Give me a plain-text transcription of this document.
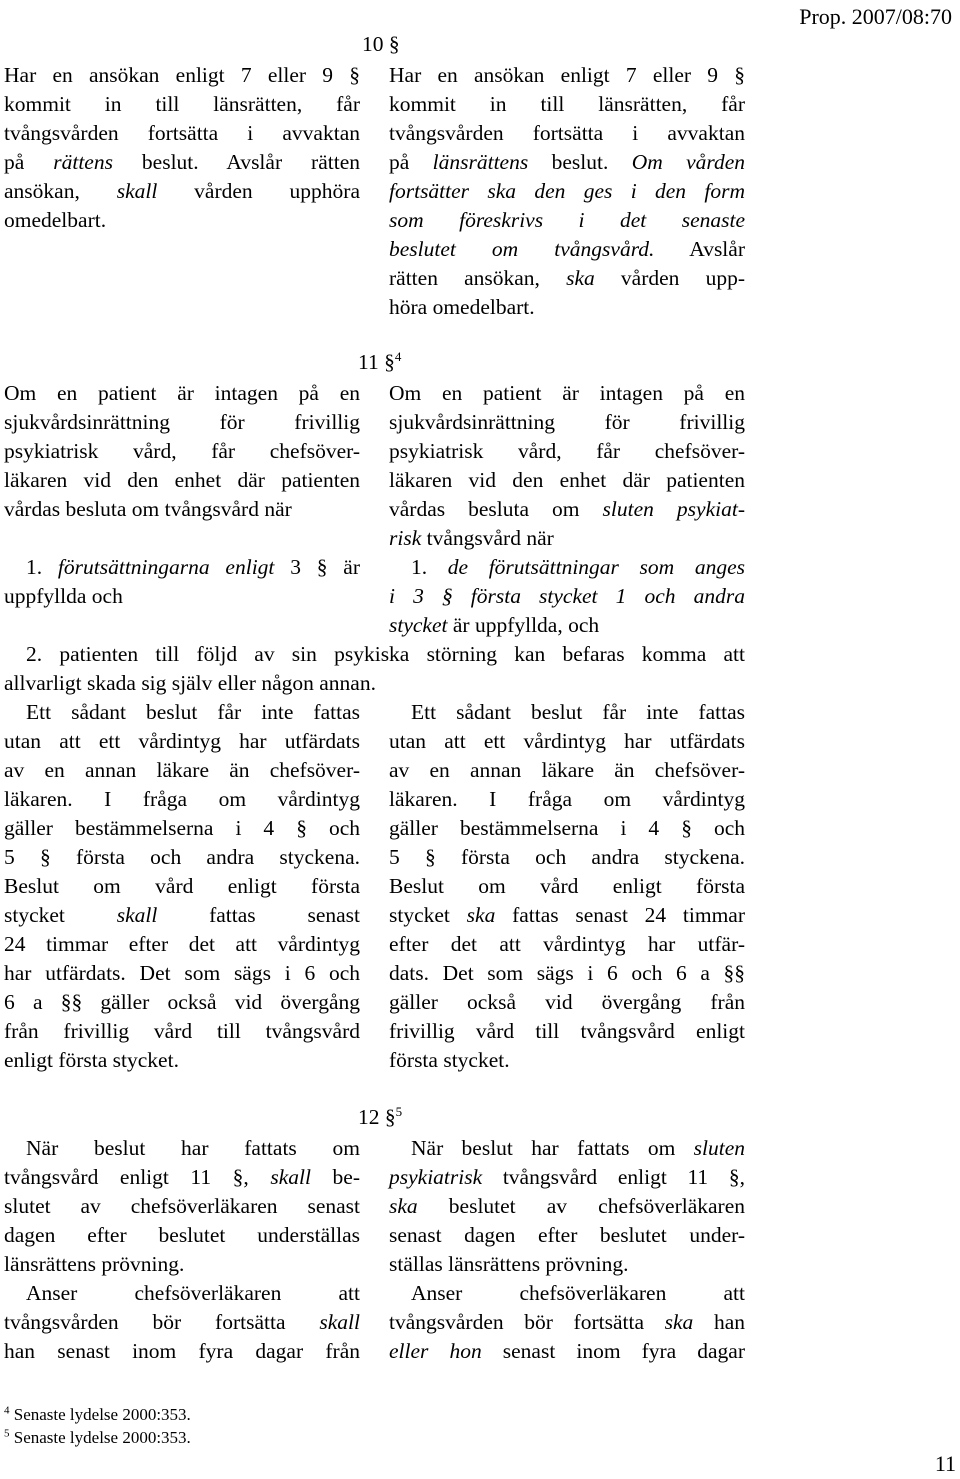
Prop. 2007/08:70
10 §

Har en ansökan enligt 7 eller 9 §

kommit in till länsrätten, får

tvångsvården fortsätta i avvaktan

på rättens beslut. Avslår rätten

ansökan, skall vården upphöra

omedelbart.

Har en ansökan enligt 7 eller 9 §

kommit in till länsrätten, får

tvångsvården fortsätta i avvaktan

på länsrättens beslut. Om vården

fortsätter ska den ges i den form

som föreskrivs i det senaste

beslutet om tvångsvård. Avslår

rätten ansökan, ska vården upp-

höra omedelbart.

11 §$^4$

Om en patient är intagen på en

sjukvårdsinrättning för frivillig

psykiatrisk vård, får chefsöver-

läkaren vid den enhet där patienten

vårdas besluta om tvångsvård när

1. förutsättningarna enligt 3 § är

uppfyllda och

Om en patient är intagen på en

sjukvårdsinrättning för frivillig

psykiatrisk vård, får chefsöver-

läkaren vid den enhet där patienten

vårdas besluta om sluten psykiat-

risk tvångsvård när

1. de förutsättningar som anges

i 3 § första stycket 1 och andra

stycket är uppfyllda, och

2. patienten till följd av sin psykiska störning kan befaras komma att

allvarligt skada sig själv eller någon annan.

Ett sådant beslut får inte fattas

utan att ett vårdintyg har utfärdats

av en annan läkare än chefsöver-

läkaren. I fråga om vårdintyg

gäller bestämmelserna i 4 § och

5 § första och andra styckena.

Beslut om vård enligt första

stycket skall fattas senast

24 timmar efter det att vårdintyg

har utfärdats. Det som sägs i 6 och

6 a §§ gäller också vid övergång

från frivillig vård till tvångsvård

enligt första stycket.

Ett sådant beslut får inte fattas

utan att ett vårdintyg har utfärdats

av en annan läkare än chefsöver-

läkaren. I fråga om vårdintyg

gäller bestämmelserna i 4 § och

5 § första och andra styckena.

Beslut om vård enligt första

stycket ska fattas senast 24 timmar

efter det att vårdintyg har utfär-

dats. Det som sägs i 6 och 6 a §§

gäller också vid övergång från

frivillig vård till tvångsvård enligt

första stycket.

12 §$^5$

När beslut har fattats om

tvångsvård enligt 11 §, skall be-

slutet av chefsöverläkaren senast

dagen efter beslutet underställas

länsrättens prövning.

Anser chefsöverläkaren att

tvångsvården bör fortsätta skall

han senast inom fyra dagar från

När beslut har fattats om sluten

psykiatrisk tvångsvård enligt 11 §,

ska beslutet av chefsöverläkaren

senast dagen efter beslutet under-

ställas länsrättens prövning.

Anser chefsöverläkaren att

tvångsvården bör fortsätta ska han

eller hon senast inom fyra dagar

$^4$ Senaste lydelse 2000:353.
$^5$ Senaste lydelse 2000:353.
11
